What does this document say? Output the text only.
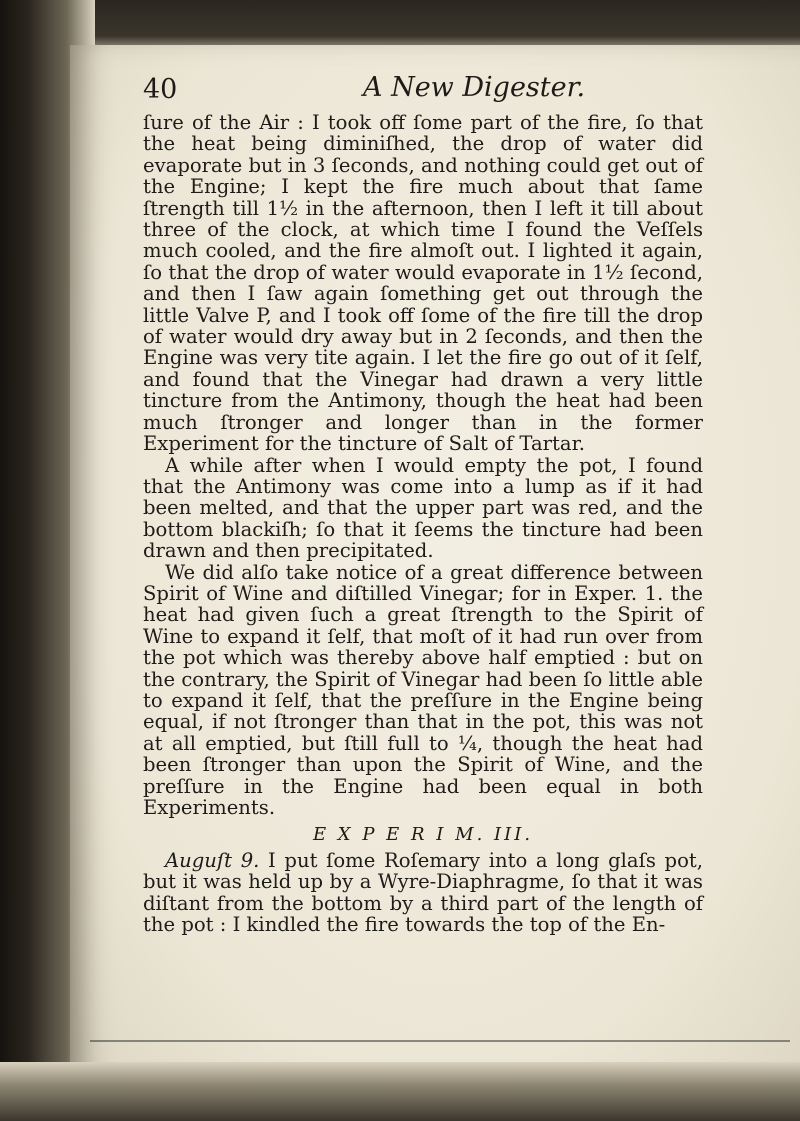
40	A New Digester.

ſure of the Air : I took off ſome part of the fire, ſo that the heat being diminiſhed, the drop of water did evaporate but in 3 ſeconds, and nothing could get out of the Engine; I kept the fire much about that ſame ſtrength till 1½ in the afternoon, then I left it till about three of the clock, at which time I found the Veſſels much cooled, and the fire almoſt out. I lighted it again, ſo that the drop of water would evaporate in 1½ ſecond, and then I ſaw again ſomething get out through the little Valve P, and I took off ſome of the fire till the drop of water would dry away but in 2 ſeconds, and then the Engine was very tite again. I let the fire go out of it ſelf, and found that the Vinegar had drawn a very little tincture from the Antimony, though the heat had been much ſtronger and longer than in the former Experiment for the tincture of Salt of Tartar.

A while after when I would empty the pot, I found that the Antimony was come into a lump as if it had been melted, and that the upper part was red, and the bottom blackiſh; ſo that it ſeems the tincture had been drawn and then precipitated.

We did alſo take notice of a great difference between Spirit of Wine and diſtilled Vinegar; for in Exper. 1. the heat had given ſuch a great ſtrength to the Spirit of Wine to expand it ſelf, that moſt of it had run over from the pot which was thereby above half emptied : but on the contrary, the Spirit of Vinegar had been ſo little able to expand it ſelf, that the preſſure in the Engine being equal, if not ſtronger than that in the pot, this was not at all emptied, but ſtill full to ¼, though the heat had been ſtronger than upon the Spirit of Wine, and the preſſure in the Engine had been equal in both Experiments.

E X P E R I M. III.

Auguſt 9. I put ſome Roſemary into a long glaſs pot, but it was held up by a Wyre-Diaphragme, ſo that it was diſtant from the bottom by a third part of the length of the pot : I kindled the fire towards the top of the En-
